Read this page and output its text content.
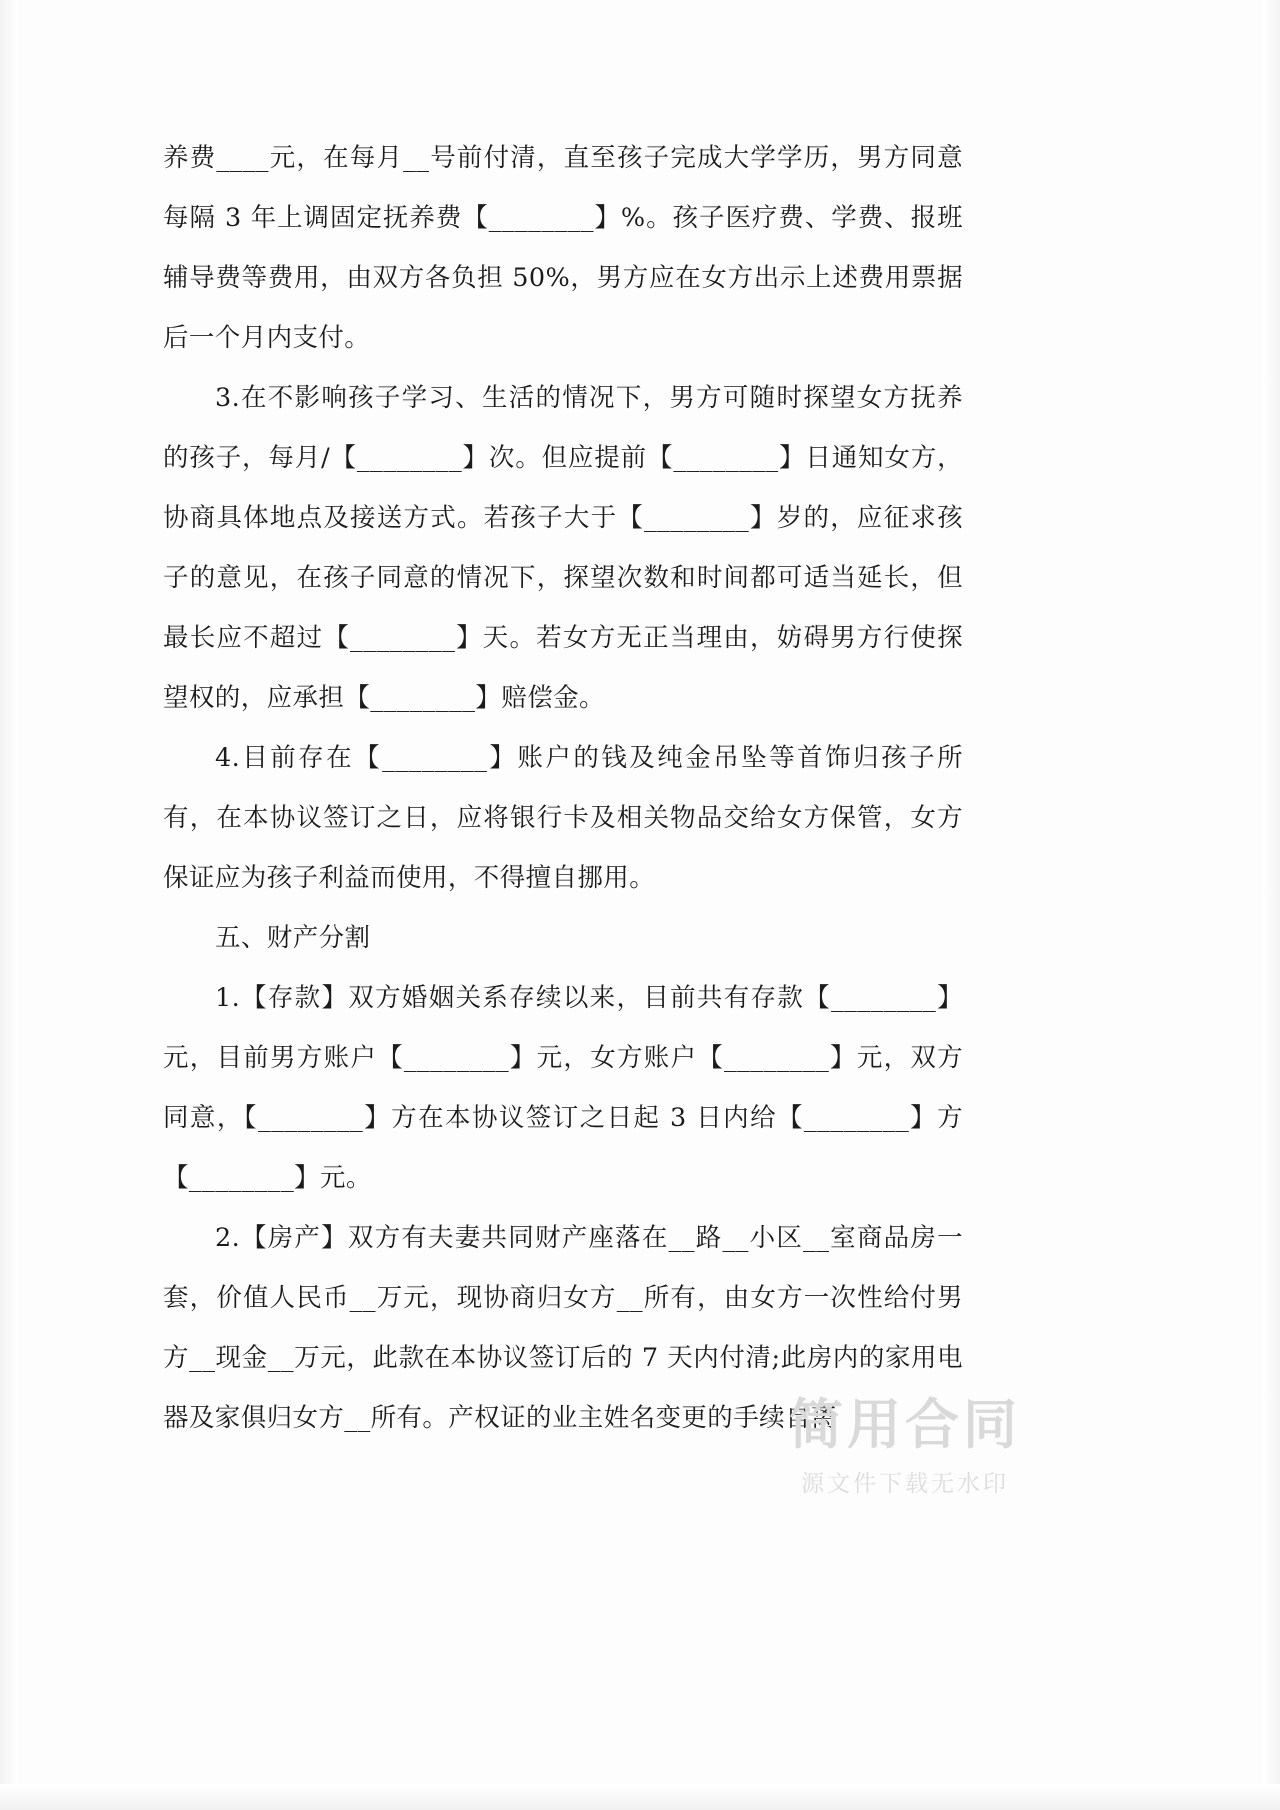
养费____元，在每月__号前付清，直至孩子完成大学学历，男方同意每隔 3 年上调固定抚养费【________】%。孩子医疗费、学费、报班辅导费等费用，由双方各负担 50%，男方应在女方出示上述费用票据后一个月内支付。

3.在不影响孩子学习、生活的情况下，男方可随时探望女方抚养的孩子，每月/【________】次。但应提前【________】日通知女方，协商具体地点及接送方式。若孩子大于【________】岁的，应征求孩子的意见，在孩子同意的情况下，探望次数和时间都可适当延长，但最长应不超过【________】天。若女方无正当理由，妨碍男方行使探望权的，应承担【________】赔偿金。

4.目前存在【________】账户的钱及纯金吊坠等首饰归孩子所有，在本协议签订之日，应将银行卡及相关物品交给女方保管，女方保证应为孩子利益而使用，不得擅自挪用。

五、财产分割

1.【存款】双方婚姻关系存续以来，目前共有存款【________】元，目前男方账户【________】元，女方账户【________】元，双方同意，【________】方在本协议签订之日起 3 日内给【________】方【________】元。

2.【房产】双方有夫妻共同财产座落在__路__小区__室商品房一套，价值人民币__万元，现协商归女方__所有，由女方一次性给付男方__现金__万元，此款在本协议签订后的 7 天内付清;此房内的家用电器及家俱归女方__所有。产权证的业主姓名变更的手续自离

简用合同
源文件下载无水印
